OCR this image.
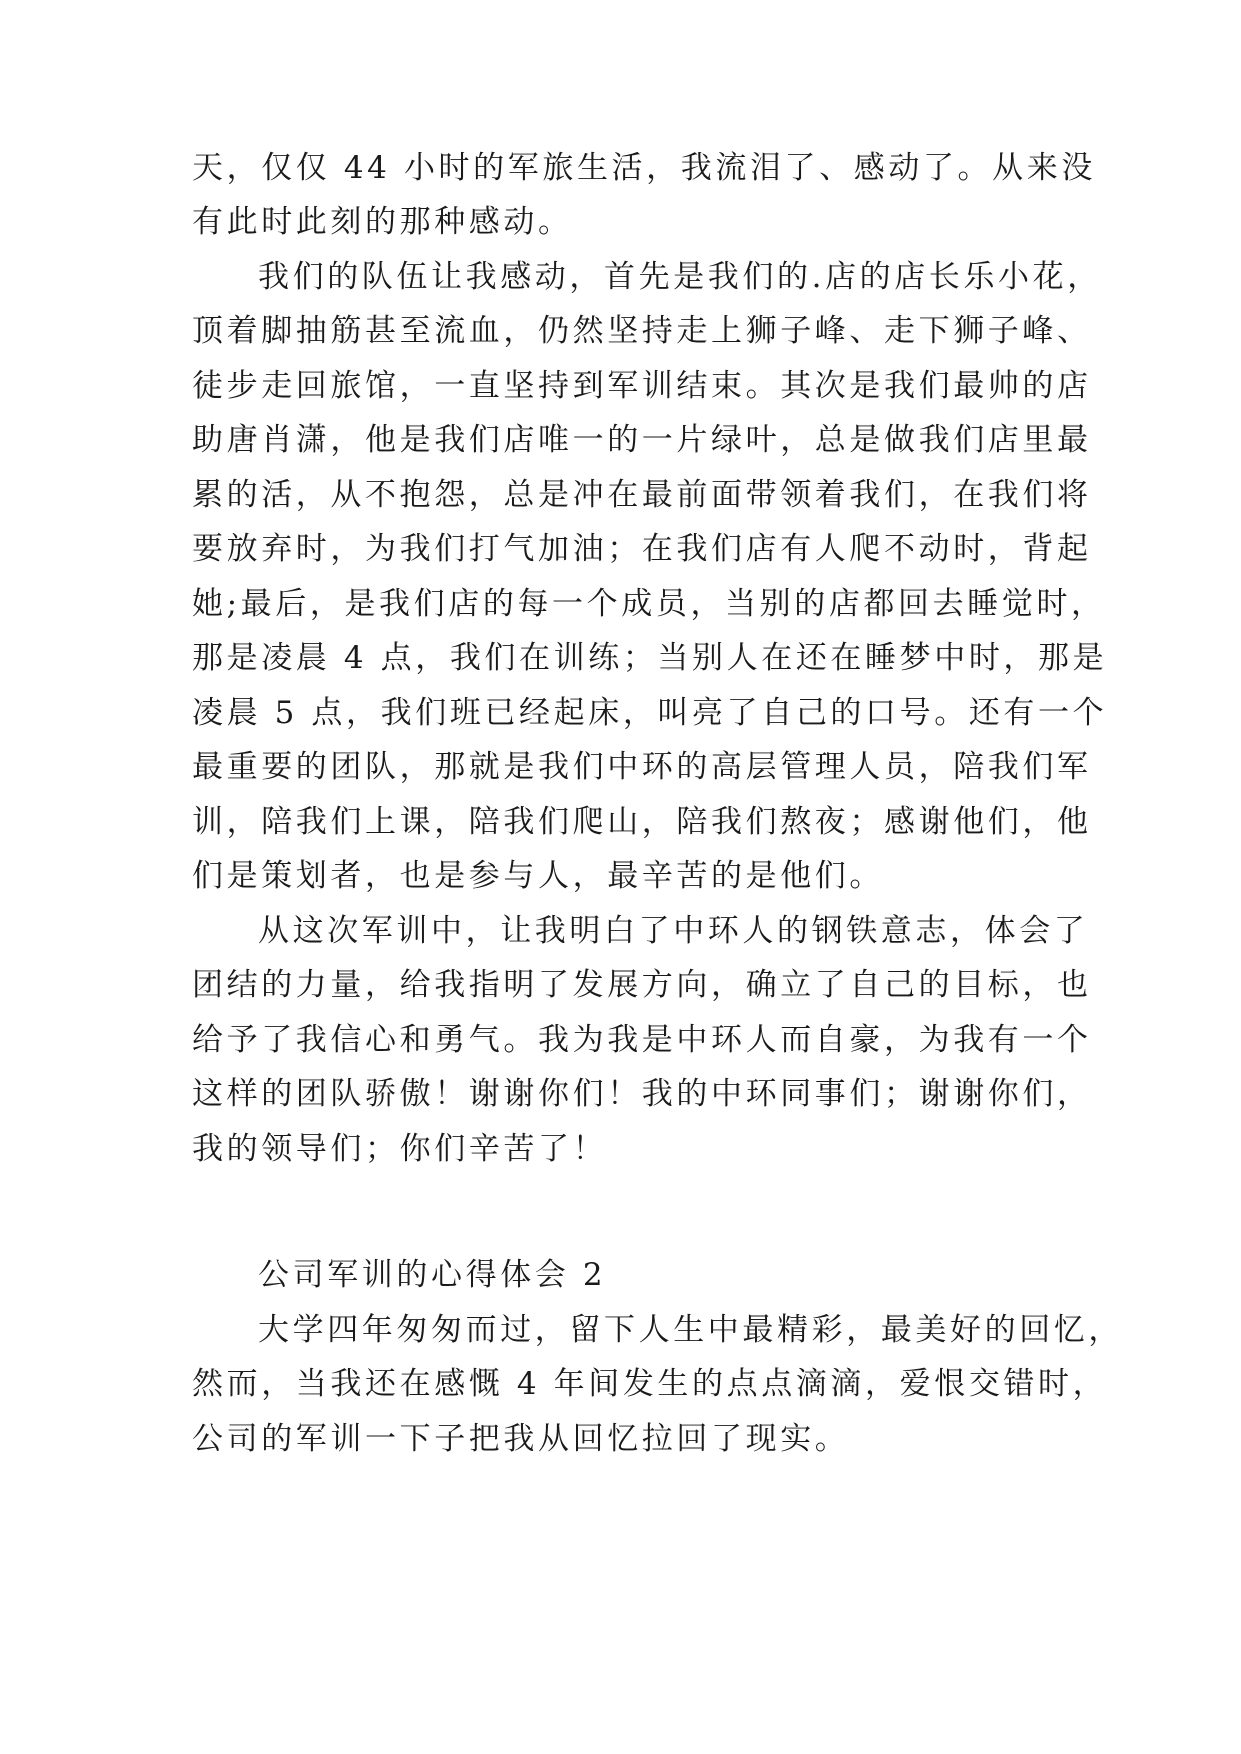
天，仅仅 44 小时的军旅生活，我流泪了、感动了。从来没
有此时此刻的那种感动。
我们的队伍让我感动，首先是我们的.店的店长乐小花，
顶着脚抽筋甚至流血，仍然坚持走上狮子峰、走下狮子峰、
徒步走回旅馆，一直坚持到军训结束。其次是我们最帅的店
助唐肖潇，他是我们店唯一的一片绿叶，总是做我们店里最
累的活，从不抱怨，总是冲在最前面带领着我们，在我们将
要放弃时，为我们打气加油；在我们店有人爬不动时，背起
她;最后，是我们店的每一个成员，当别的店都回去睡觉时，
那是凌晨 4 点，我们在训练；当别人在还在睡梦中时，那是
凌晨 5 点，我们班已经起床，叫亮了自己的口号。还有一个
最重要的团队，那就是我们中环的高层管理人员，陪我们军
训，陪我们上课，陪我们爬山，陪我们熬夜；感谢他们，他
们是策划者，也是参与人，最辛苦的是他们。
从这次军训中，让我明白了中环人的钢铁意志，体会了
团结的力量，给我指明了发展方向，确立了自己的目标，也
给予了我信心和勇气。我为我是中环人而自豪，为我有一个
这样的团队骄傲！谢谢你们！我的中环同事们；谢谢你们，
我的领导们；你们辛苦了！
公司军训的心得体会 2
大学四年匆匆而过，留下人生中最精彩，最美好的回忆，
然而，当我还在感慨 4 年间发生的点点滴滴，爱恨交错时，
公司的军训一下子把我从回忆拉回了现实。
